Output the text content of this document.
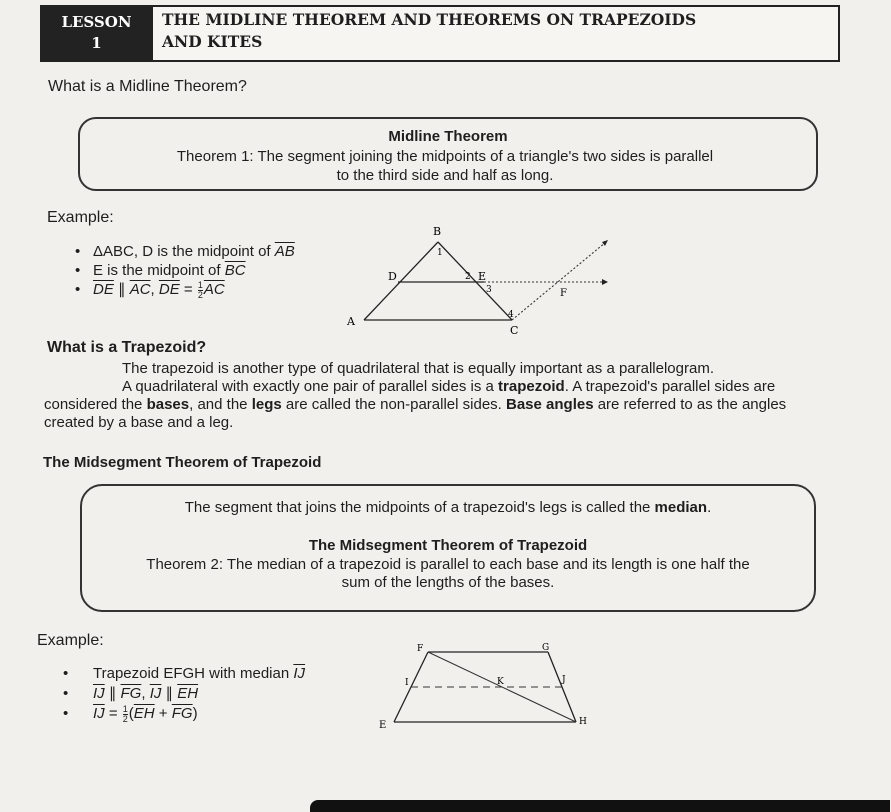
LESSON
1
THE MIDLINE THEOREM AND THEOREMS ON TRAPEZOIDS
AND KITES
What is a Midline Theorem?
Midline Theorem
Theorem 1: The segment joining the midpoints of a triangle's two sides is parallel
to the third side and half as long.
Example:
• ΔABC, D is the midpoint of $\overline{AB}$
• E is the midpoint of $\overline{BC}$
• $\overline{DE}$ ∥ $\overline{AC}$, $\overline{DE} = \frac{1}{2} \overline{AC}$
A
B
C
D	E
F
1
2
3
4
What is a Trapezoid?

The trapezoid is another type of quadrilateral that is equally important as a parallelogram.

A quadrilateral with exactly one pair of parallel sides is a trapezoid. A trapezoid's parallel sides are considered the bases, and the legs are called the non-parallel sides. Base angles are referred to as the angles created by a base and a leg.

The Midsegment Theorem of Trapezoid
The segment that joins the midpoints of a trapezoid's legs is called the median.
The Midsegment Theorem of Trapezoid
Theorem 2: The median of a trapezoid is parallel to each base and its length is one half the
sum of the lengths of the bases.
Example:
• Trapezoid EFGH with median $\overline{IJ}$
• $\overline{IJ}$ ∥ $\overline{FG}$, $\overline{IJ}$ ∥ $\overline{EH}$
• $\overline{IJ} = \frac{1}{2} (\overline{EH} + \overline{FG})$
E
F	G
H
I	J
K
